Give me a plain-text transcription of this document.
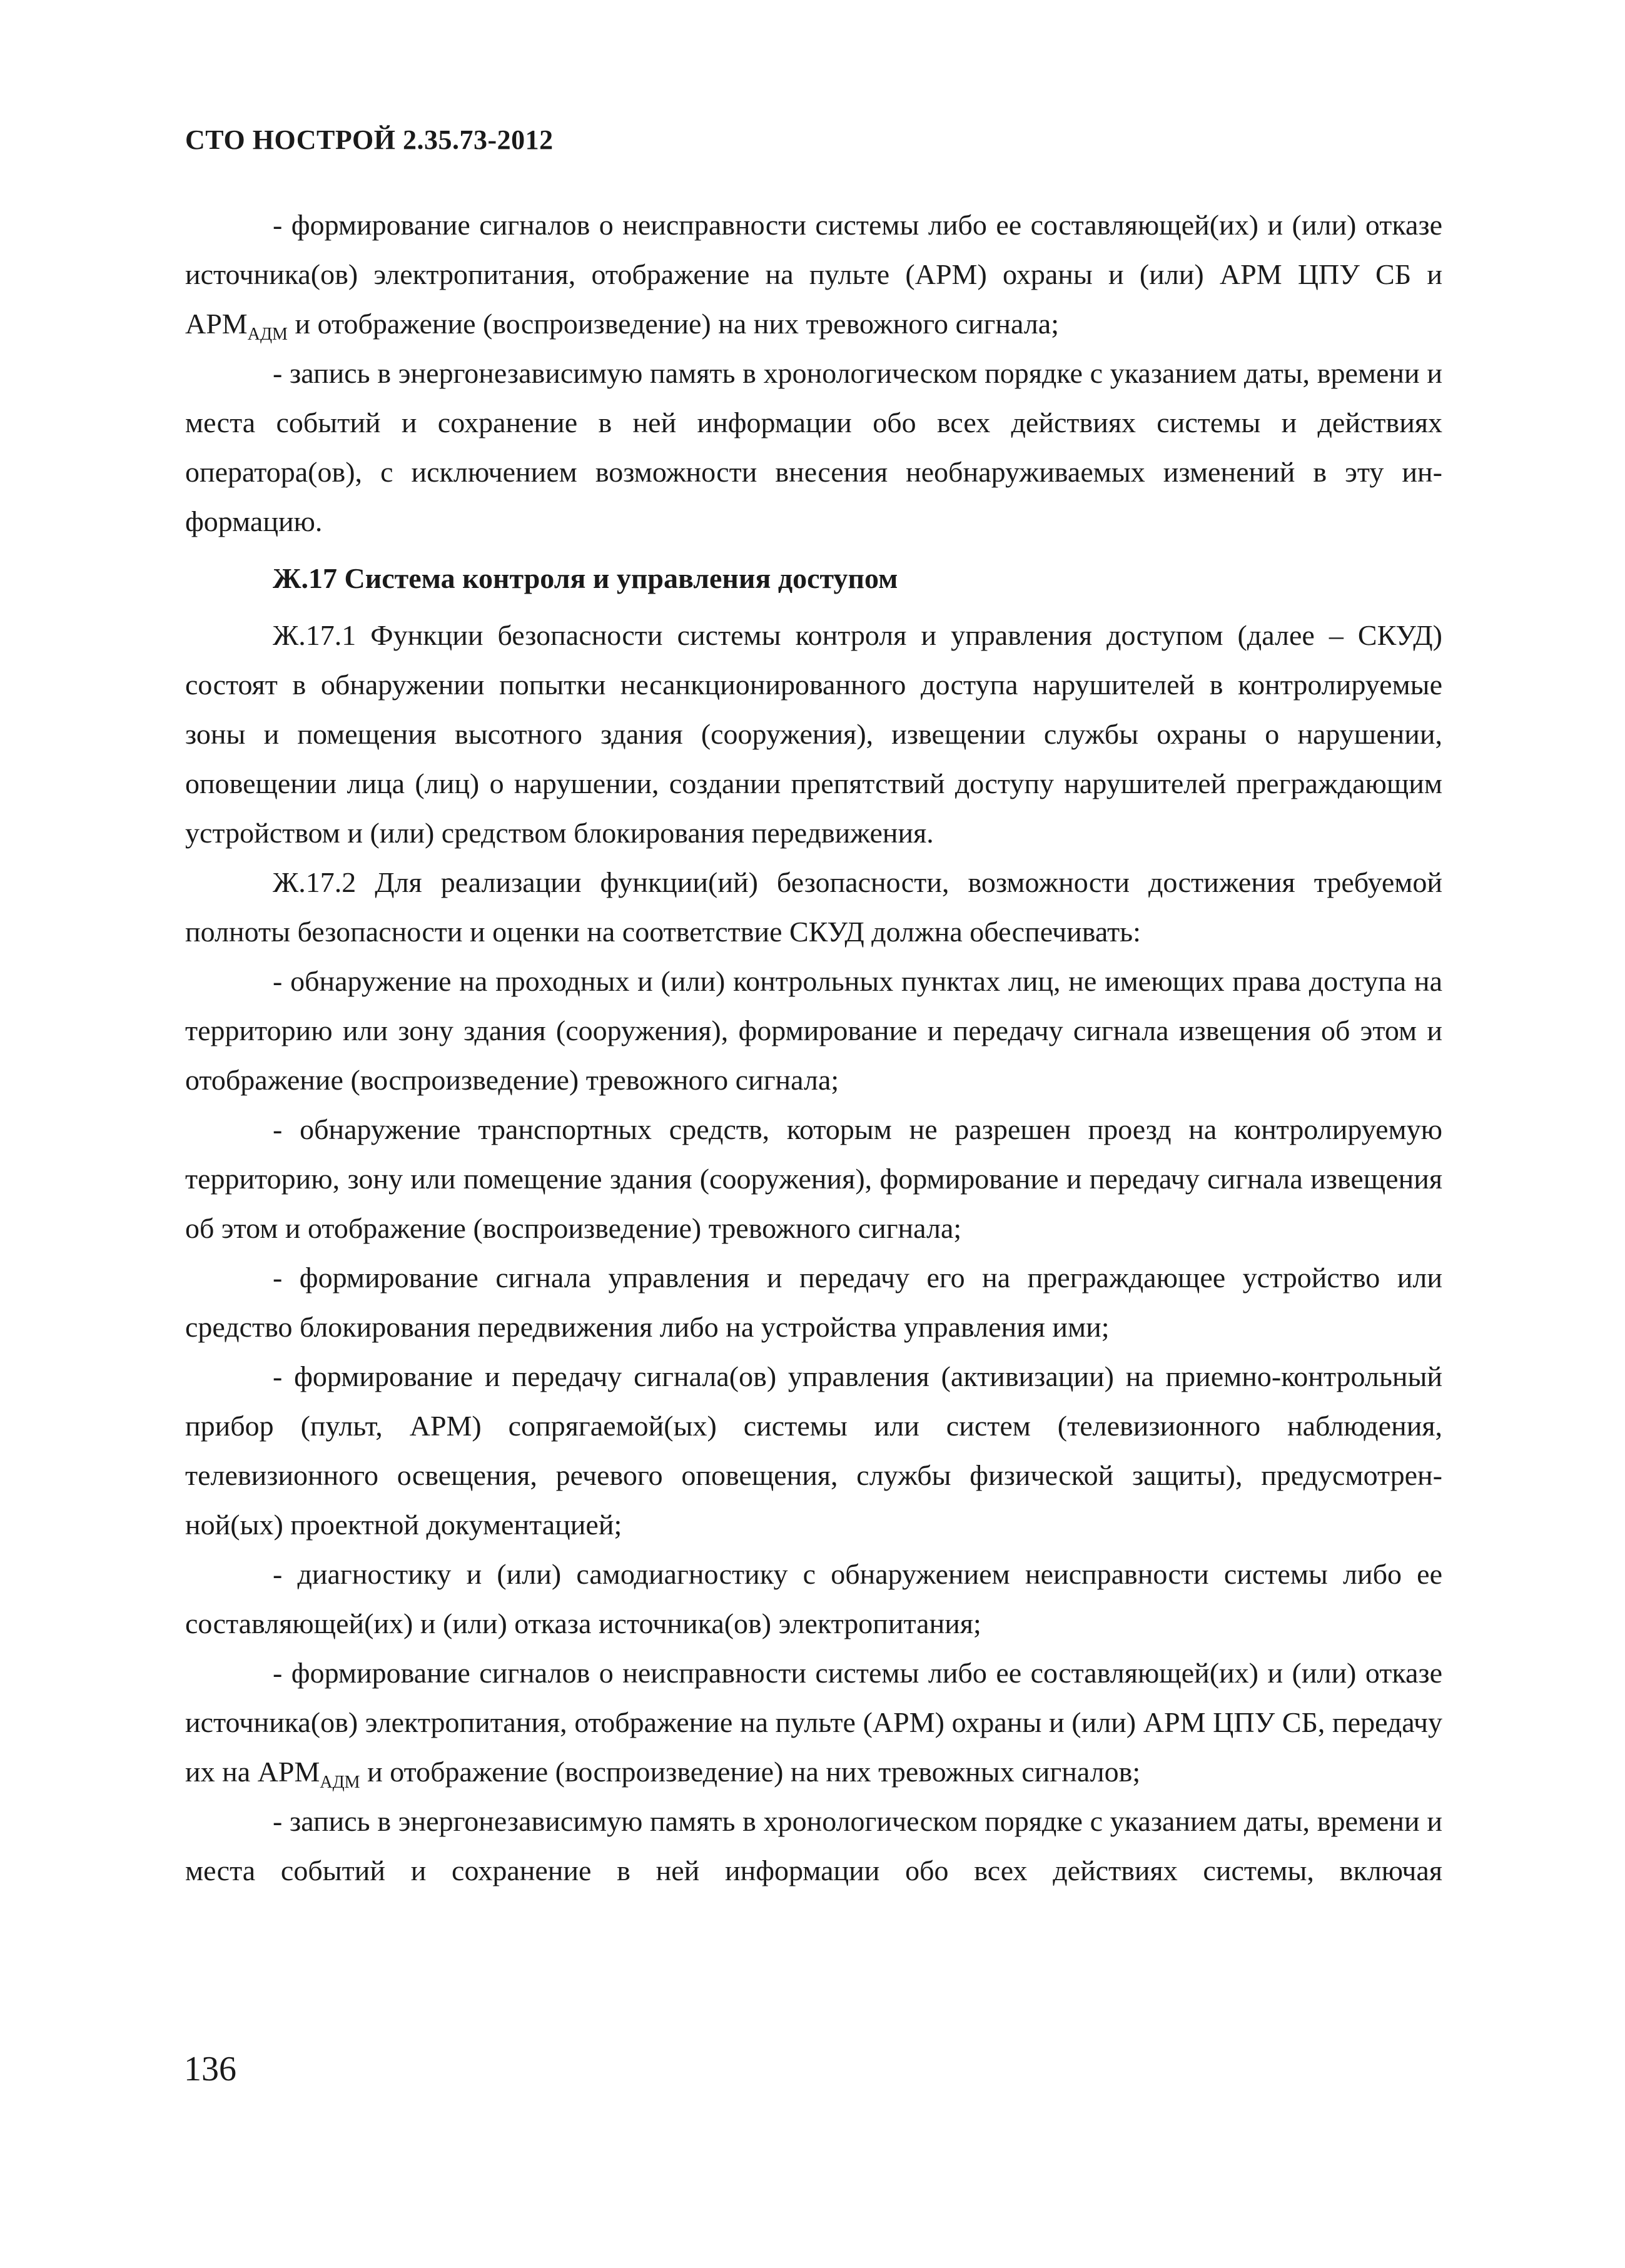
СТО НОСТРОЙ 2.35.73-2012

- формирование сигналов о неисправности системы либо ее составляющей(их) и (или) отказе источника(ов) электропитания, отображение на пульте (АРМ) охраны и (или) АРМ ЦПУ СБ и $АРМ_{АДМ}$ и отображение (воспроизведение) на них тревожного сигнала;

- запись в энергонезависимую память в хронологическом порядке с указанием даты, времени и места событий и сохранение в ней информации обо всех действиях системы и действиях оператора(ов), с исключением возможности внесения необнаруживаемых изменений в эту информацию.

Ж.17 Система контроля и управления доступом

Ж.17.1 Функции безопасности системы контроля и управления доступом (далее – СКУД) состоят в обнаружении попытки несанкционированного доступа нарушителей в контролируемые зоны и помещения высотного здания (сооружения), извещении службы охраны о нарушении, оповещении лица (лиц) о нарушении, создании препятствий доступу нарушителей преграждающим устройством и (или) средством блокирования передвижения.

Ж.17.2 Для реализации функции(ий) безопасности, возможности достижения требуемой полноты безопасности и оценки на соответствие СКУД должна обеспечивать:

- обнаружение на проходных и (или) контрольных пунктах лиц, не имеющих права доступа на территорию или зону здания (сооружения), формирование и передачу сигнала извещения об этом и отображение (воспроизведение) тревожного сигнала;

- обнаружение транспортных средств, которым не разрешен проезд на контролируемую территорию, зону или помещение здания (сооружения), формирование и передачу сигнала извещения об этом и отображение (воспроизведение) тревожного сигнала;

- формирование сигнала управления и передачу его на преграждающее устройство или средство блокирования передвижения либо на устройства управления ими;

- формирование и передачу сигнала(ов) управления (активизации) на приемно-контрольный прибор (пульт, АРМ) сопрягаемой(ых) системы или систем (телевизионного наблюдения, телевизионного освещения, речевого оповещения, службы физической защиты), предусмотренной(ых) проектной документацией;

- диагностику и (или) самодиагностику с обнаружением неисправности системы либо ее составляющей(их) и (или) отказа источника(ов) электропитания;

- формирование сигналов о неисправности системы либо ее составляющей(их) и (или) отказе источника(ов) электропитания, отображение на пульте (АРМ) охраны и (или) АРМ ЦПУ СБ, передачу их на $АРМ_{АДМ}$ и отображение (воспроизведение) на них тревожных сигналов;

- запись в энергонезависимую память в хронологическом порядке с указанием даты, времени и места событий и сохранение в ней информации обо всех действиях системы, включая

136
